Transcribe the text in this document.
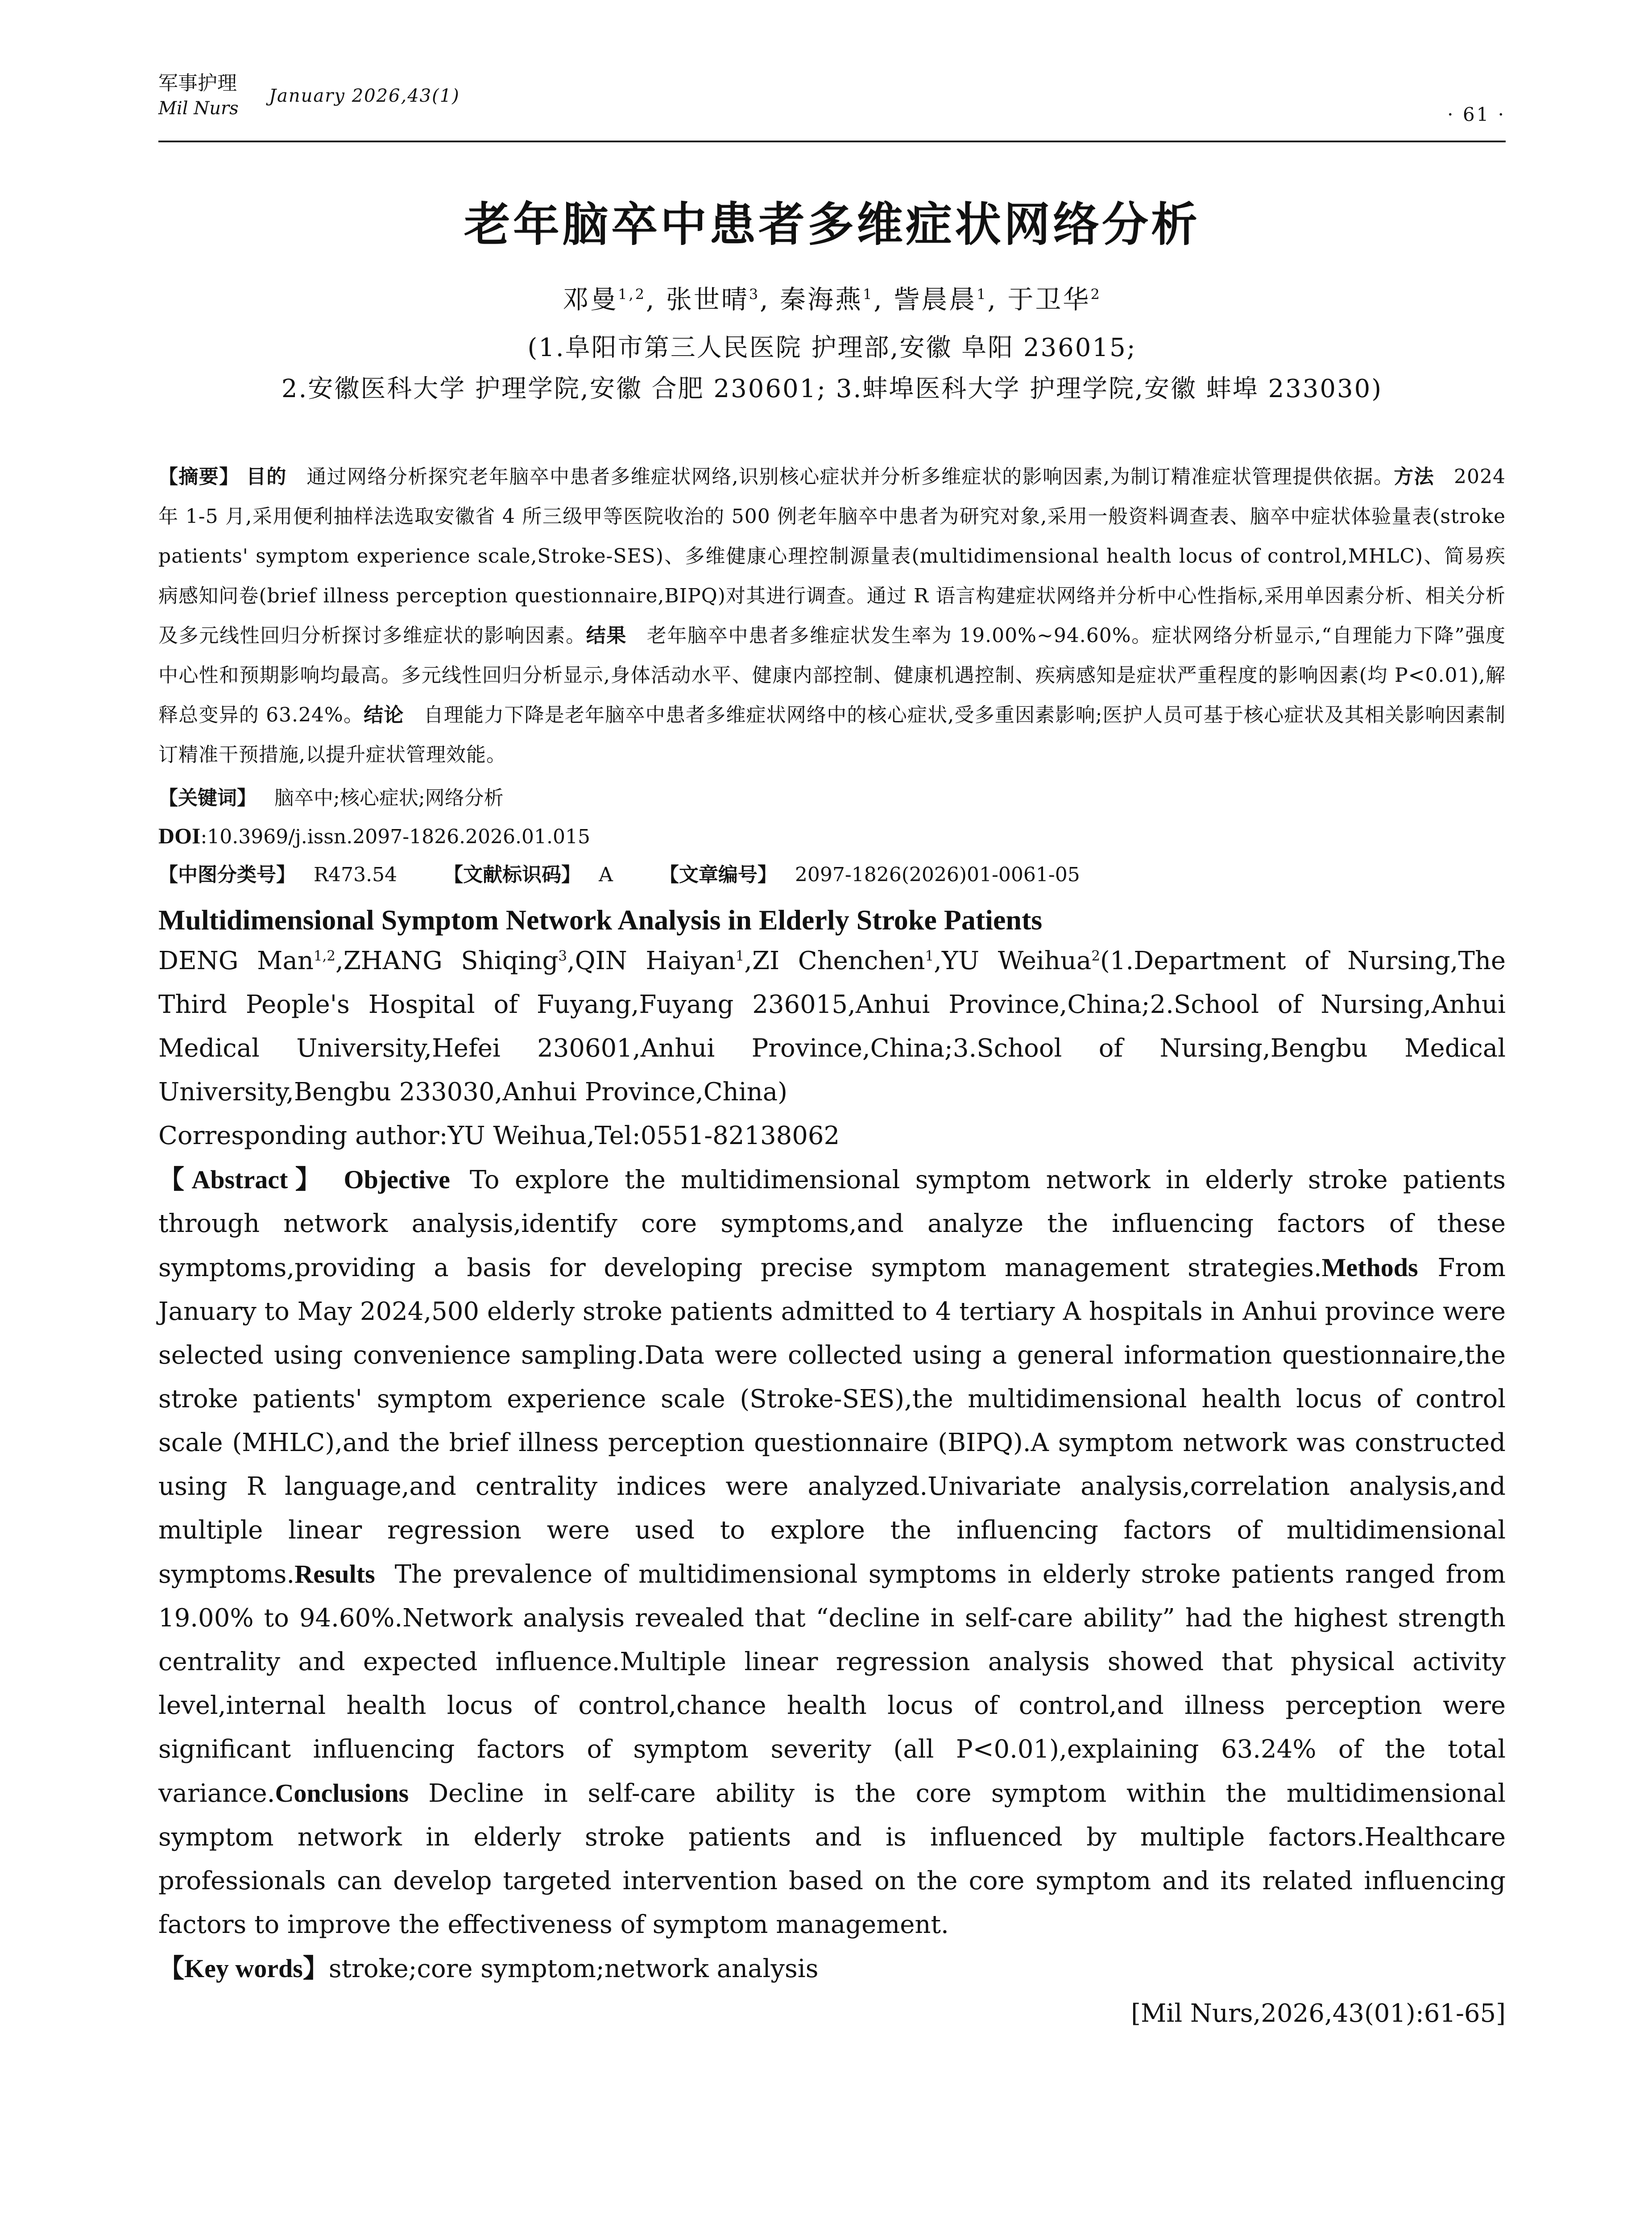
军事护理
Mil Nurs
January 2026,43(1)
· 61 ·
老年脑卒中患者多维症状网络分析
邓曼$^{1,2}$, 张世晴$^3$, 秦海燕$^1$, 訾晨晨$^1$, 于卫华$^2$
(1.阜阳市第三人民医院 护理部,安徽 阜阳 236015;
2.安徽医科大学 护理学院,安徽 合肥 230601; 3.蚌埠医科大学 护理学院,安徽 蚌埠 233030)
【摘要】 目的 通过网络分析探究老年脑卒中患者多维症状网络,识别核心症状并分析多维症状的影响因素,为制订精准症状管理提供依据。方法 2024 年 1-5 月,采用便利抽样法选取安徽省 4 所三级甲等医院收治的 500 例老年脑卒中患者为研究对象,采用一般资料调查表、脑卒中症状体验量表(stroke patients' symptom experience scale,Stroke-SES)、多维健康心理控制源量表(multidimensional health locus of control,MHLC)、简易疾病感知问卷(brief illness perception questionnaire,BIPQ)对其进行调查。通过 R 语言构建症状网络并分析中心性指标,采用单因素分析、相关分析及多元线性回归分析探讨多维症状的影响因素。结果 老年脑卒中患者多维症状发生率为 19.00%~94.60%。症状网络分析显示,“自理能力下降”强度中心性和预期影响均最高。多元线性回归分析显示,身体活动水平、健康内部控制、健康机遇控制、疾病感知是症状严重程度的影响因素(均 P<0.01),解释总变异的 63.24%。结论 自理能力下降是老年脑卒中患者多维症状网络中的核心症状,受多重因素影响;医护人员可基于核心症状及其相关影响因素制订精准干预措施,以提升症状管理效能。
【关键词】 脑卒中;核心症状;网络分析
DOI:10.3969/j.issn.2097-1826.2026.01.015
【中图分类号】 R473.54 【文献标识码】 A 【文章编号】 2097-1826(2026)01-0061-05
Multidimensional Symptom Network Analysis in Elderly Stroke Patients
DENG Man$^{1,2}$,ZHANG Shiqing$^3$,QIN Haiyan$^1$,ZI Chenchen$^1$,YU Weihua$^2$(1.Department of Nursing,The Third People's Hospital of Fuyang,Fuyang 236015,Anhui Province,China;2.School of Nursing,Anhui Medical University,Hefei 230601,Anhui Province,China;3.School of Nursing,Bengbu Medical University,Bengbu 233030,Anhui Province,China)
Corresponding author:YU Weihua,Tel:0551-82138062
【Abstract】 Objective To explore the multidimensional symptom network in elderly stroke patients through network analysis,identify core symptoms,and analyze the influencing factors of these symptoms,providing a basis for developing precise symptom management strategies.Methods From January to May 2024,500 elderly stroke patients admitted to 4 tertiary A hospitals in Anhui province were selected using convenience sampling.Data were collected using a general information questionnaire,the stroke patients' symptom experience scale (Stroke-SES),the multidimensional health locus of control scale (MHLC),and the brief illness perception questionnaire (BIPQ).A symptom network was constructed using R language,and centrality indices were analyzed.Univariate analysis,correlation analysis,and multiple linear regression were used to explore the influencing factors of multidimensional symptoms.Results The prevalence of multidimensional symptoms in elderly stroke patients ranged from 19.00% to 94.60%.Network analysis revealed that “decline in self-care ability” had the highest strength centrality and expected influence.Multiple linear regression analysis showed that physical activity level,internal health locus of control,chance health locus of control,and illness perception were significant influencing factors of symptom severity (all P<0.01),explaining 63.24% of the total variance.Conclusions Decline in self-care ability is the core symptom within the multidimensional symptom network in elderly stroke patients and is influenced by multiple factors.Healthcare professionals can develop targeted intervention based on the core symptom and its related influencing factors to improve the effectiveness of symptom management.
【Key words】stroke;core symptom;network analysis
[Mil Nurs,2026,43(01):61-65]
